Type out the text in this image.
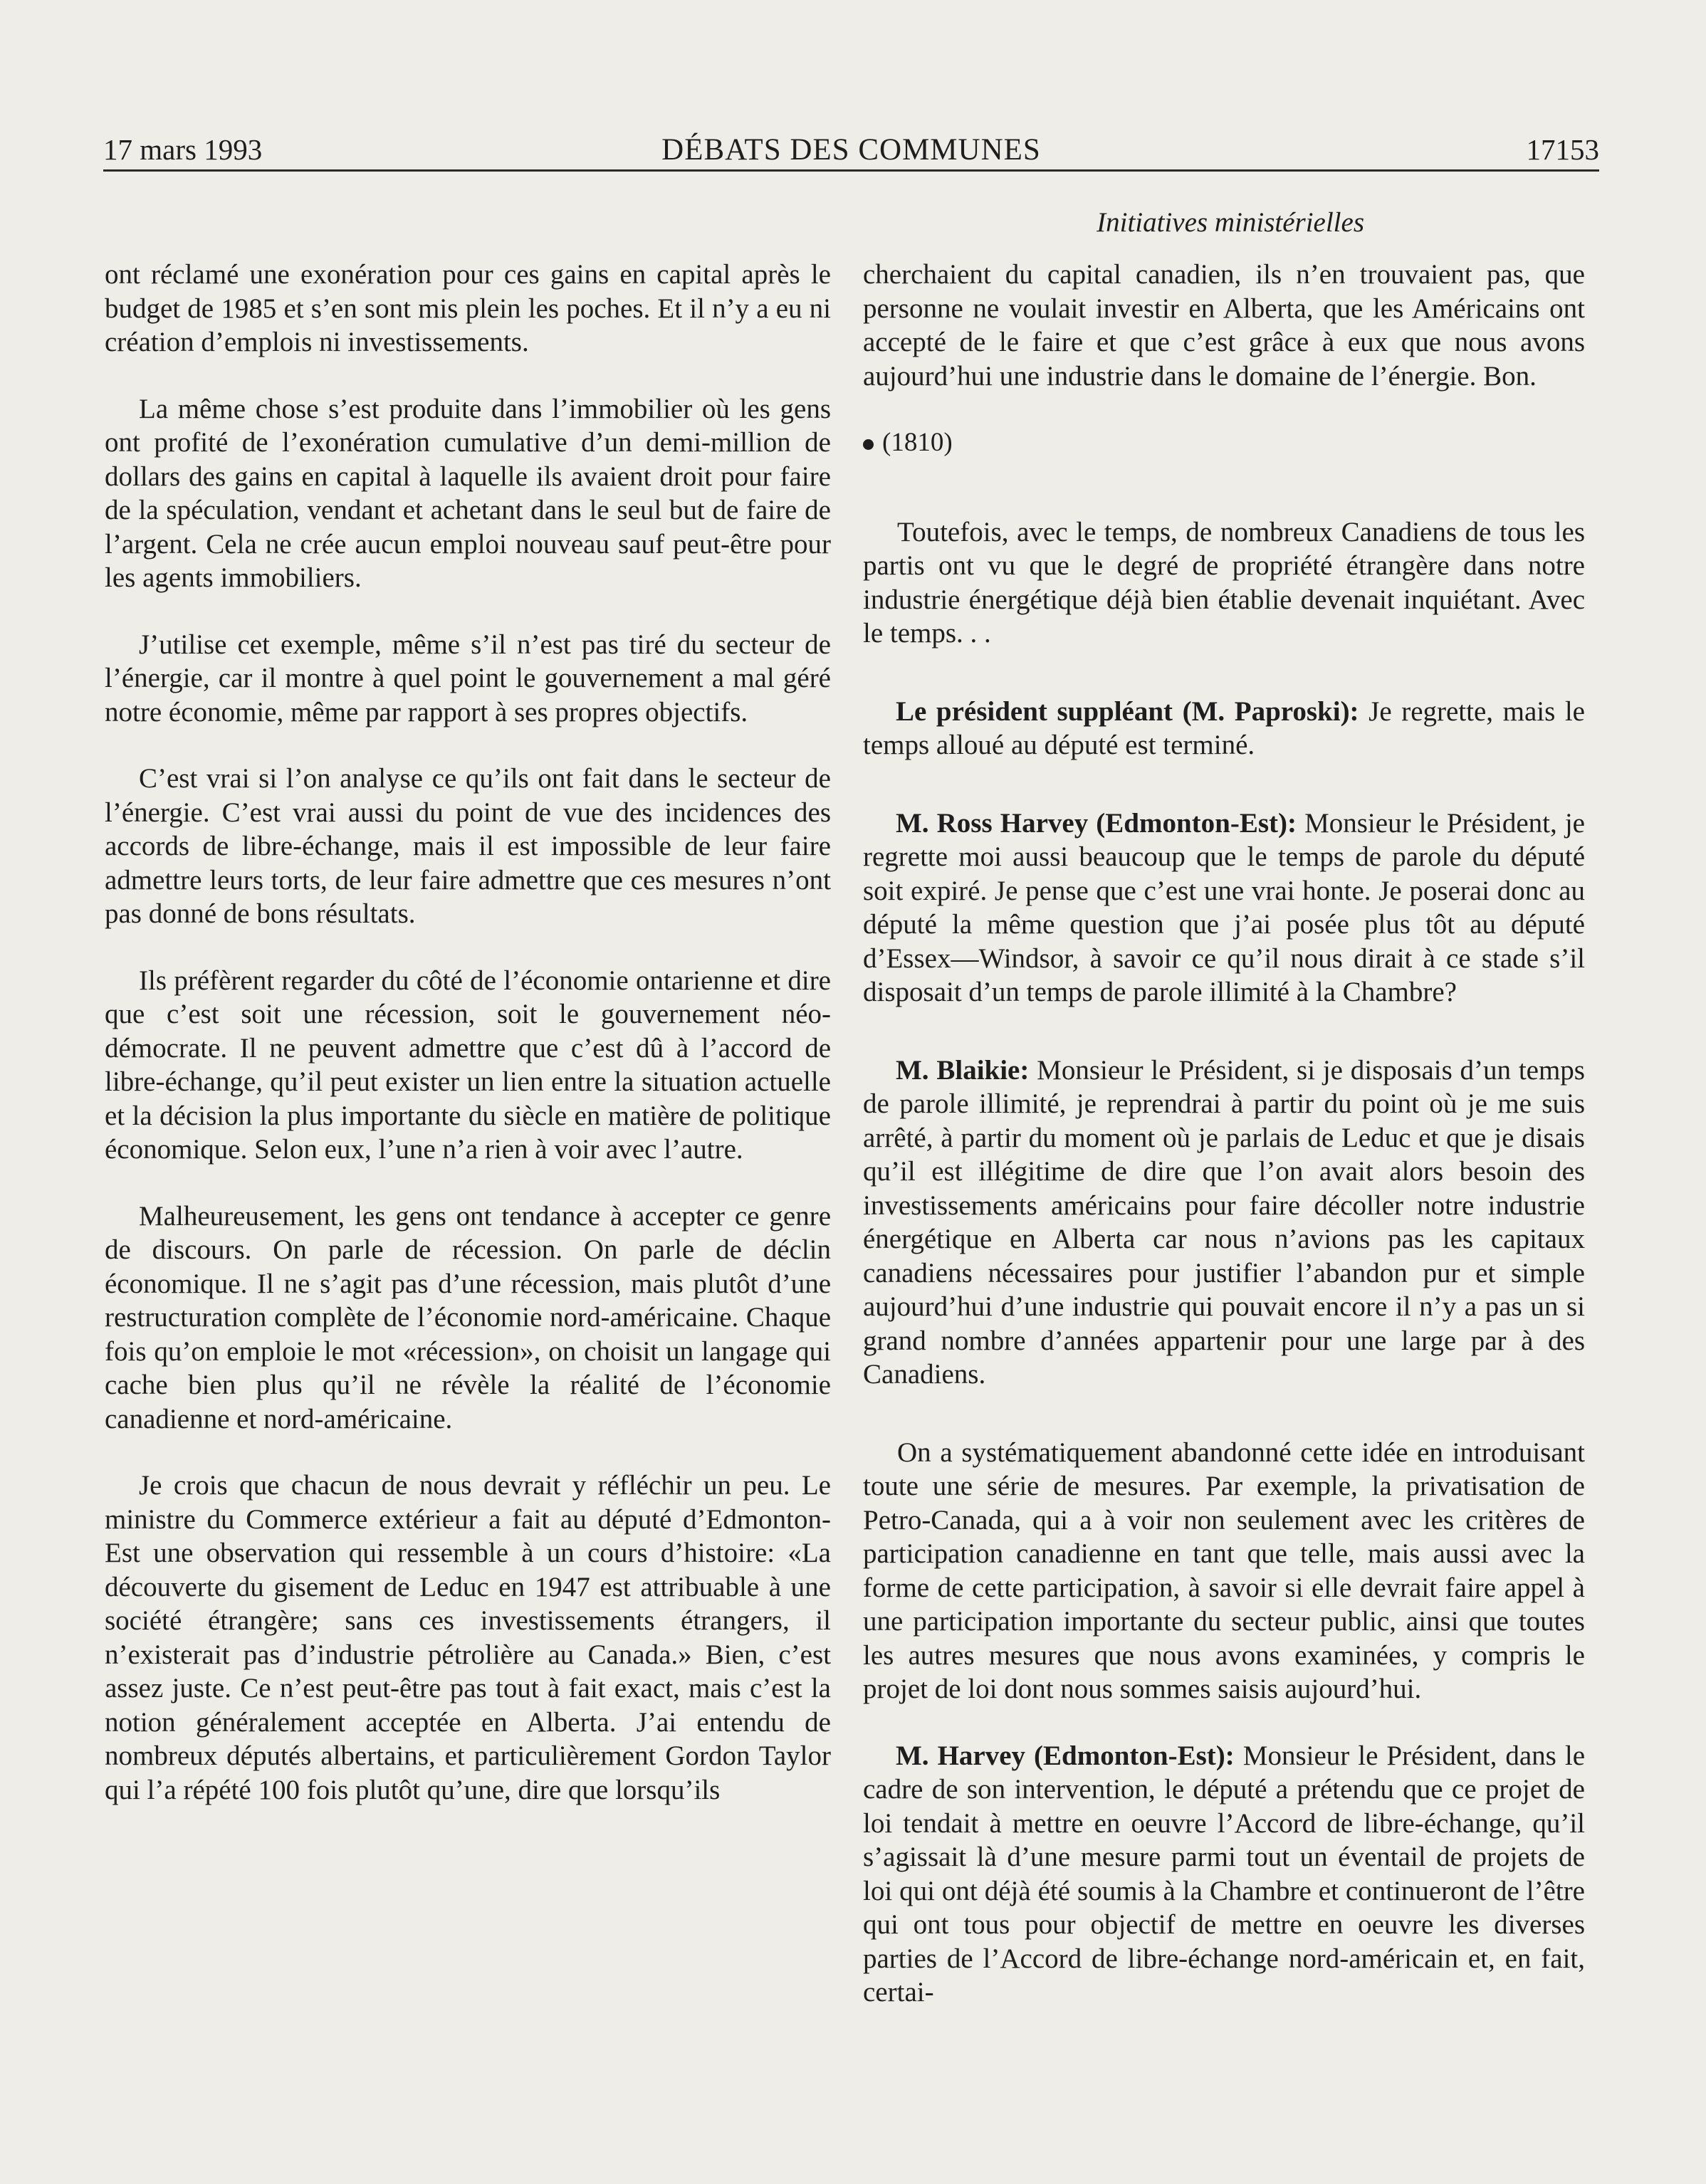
17 mars 1993	DÉBATS DES COMMUNES	17153
Initiatives ministérielles

ont réclamé une exonération pour ces gains en capital après le budget de 1985 et s’en sont mis plein les poches. Et il n’y a eu ni création d’emplois ni investissements.

La même chose s’est produite dans l’immobilier où les gens ont profité de l’exonération cumulative d’un demi-million de dollars des gains en capital à laquelle ils avaient droit pour faire de la spéculation, vendant et achetant dans le seul but de faire de l’argent. Cela ne crée aucun emploi nouveau sauf peut-être pour les agents immobiliers.

J’utilise cet exemple, même s’il n’est pas tiré du secteur de l’énergie, car il montre à quel point le gouvernement a mal géré notre économie, même par rapport à ses propres objectifs.

C’est vrai si l’on analyse ce qu’ils ont fait dans le secteur de l’énergie. C’est vrai aussi du point de vue des incidences des accords de libre-échange, mais il est impossible de leur faire admettre leurs torts, de leur faire admettre que ces mesures n’ont pas donné de bons résultats.

Ils préfèrent regarder du côté de l’économie ontarienne et dire que c’est soit une récession, soit le gouvernement néo-démocrate. Il ne peuvent admettre que c’est dû à l’accord de libre-échange, qu’il peut exister un lien entre la situation actuelle et la décision la plus importante du siècle en matière de politique économique. Selon eux, l’une n’a rien à voir avec l’autre.

Malheureusement, les gens ont tendance à accepter ce genre de discours. On parle de récession. On parle de déclin économique. Il ne s’agit pas d’une récession, mais plutôt d’une restructuration complète de l’économie nord-américaine. Chaque fois qu’on emploie le mot «récession», on choisit un langage qui cache bien plus qu’il ne révèle la réalité de l’économie canadienne et nord-américaine.

Je crois que chacun de nous devrait y réfléchir un peu. Le ministre du Commerce extérieur a fait au député d’Edmonton-Est une observation qui ressemble à un cours d’histoire: «La découverte du gisement de Leduc en 1947 est attribuable à une société étrangère; sans ces investissements étrangers, il n’existerait pas d’industrie pétrolière au Canada.» Bien, c’est assez juste. Ce n’est peut-être pas tout à fait exact, mais c’est la notion généralement acceptée en Alberta. J’ai entendu de nombreux députés albertains, et particulièrement Gordon Taylor qui l’a répété 100 fois plutôt qu’une, dire que lorsqu’ils

cherchaient du capital canadien, ils n’en trouvaient pas, que personne ne voulait investir en Alberta, que les Américains ont accepté de le faire et que c’est grâce à eux que nous avons aujourd’hui une industrie dans le domaine de l’énergie. Bon.

(1810)

Toutefois, avec le temps, de nombreux Canadiens de tous les partis ont vu que le degré de propriété étrangère dans notre industrie énergétique déjà bien établie devenait inquiétant. Avec le temps. . .

Le président suppléant (M. Paproski): Je regrette, mais le temps alloué au député est terminé.

M. Ross Harvey (Edmonton-Est): Monsieur le Président, je regrette moi aussi beaucoup que le temps de parole du député soit expiré. Je pense que c’est une vrai honte. Je poserai donc au député la même question que j’ai posée plus tôt au député d’Essex—Windsor, à savoir ce qu’il nous dirait à ce stade s’il disposait d’un temps de parole illimité à la Chambre?

M. Blaikie: Monsieur le Président, si je disposais d’un temps de parole illimité, je reprendrai à partir du point où je me suis arrêté, à partir du moment où je parlais de Leduc et que je disais qu’il est illégitime de dire que l’on avait alors besoin des investissements américains pour faire décoller notre industrie énergétique en Alberta car nous n’avions pas les capitaux canadiens nécessaires pour justifier l’abandon pur et simple aujourd’hui d’une industrie qui pouvait encore il n’y a pas un si grand nombre d’années appartenir pour une large par à des Canadiens.

On a systématiquement abandonné cette idée en introduisant toute une série de mesures. Par exemple, la privatisation de Petro-Canada, qui a à voir non seulement avec les critères de participation canadienne en tant que telle, mais aussi avec la forme de cette participation, à savoir si elle devrait faire appel à une participation importante du secteur public, ainsi que toutes les autres mesures que nous avons examinées, y compris le projet de loi dont nous sommes saisis aujourd’hui.

M. Harvey (Edmonton-Est): Monsieur le Président, dans le cadre de son intervention, le député a prétendu que ce projet de loi tendait à mettre en oeuvre l’Accord de libre-échange, qu’il s’agissait là d’une mesure parmi tout un éventail de projets de loi qui ont déjà été soumis à la Chambre et continueront de l’être qui ont tous pour objectif de mettre en oeuvre les diverses parties de l’Accord de libre-échange nord-américain et, en fait, certai-
